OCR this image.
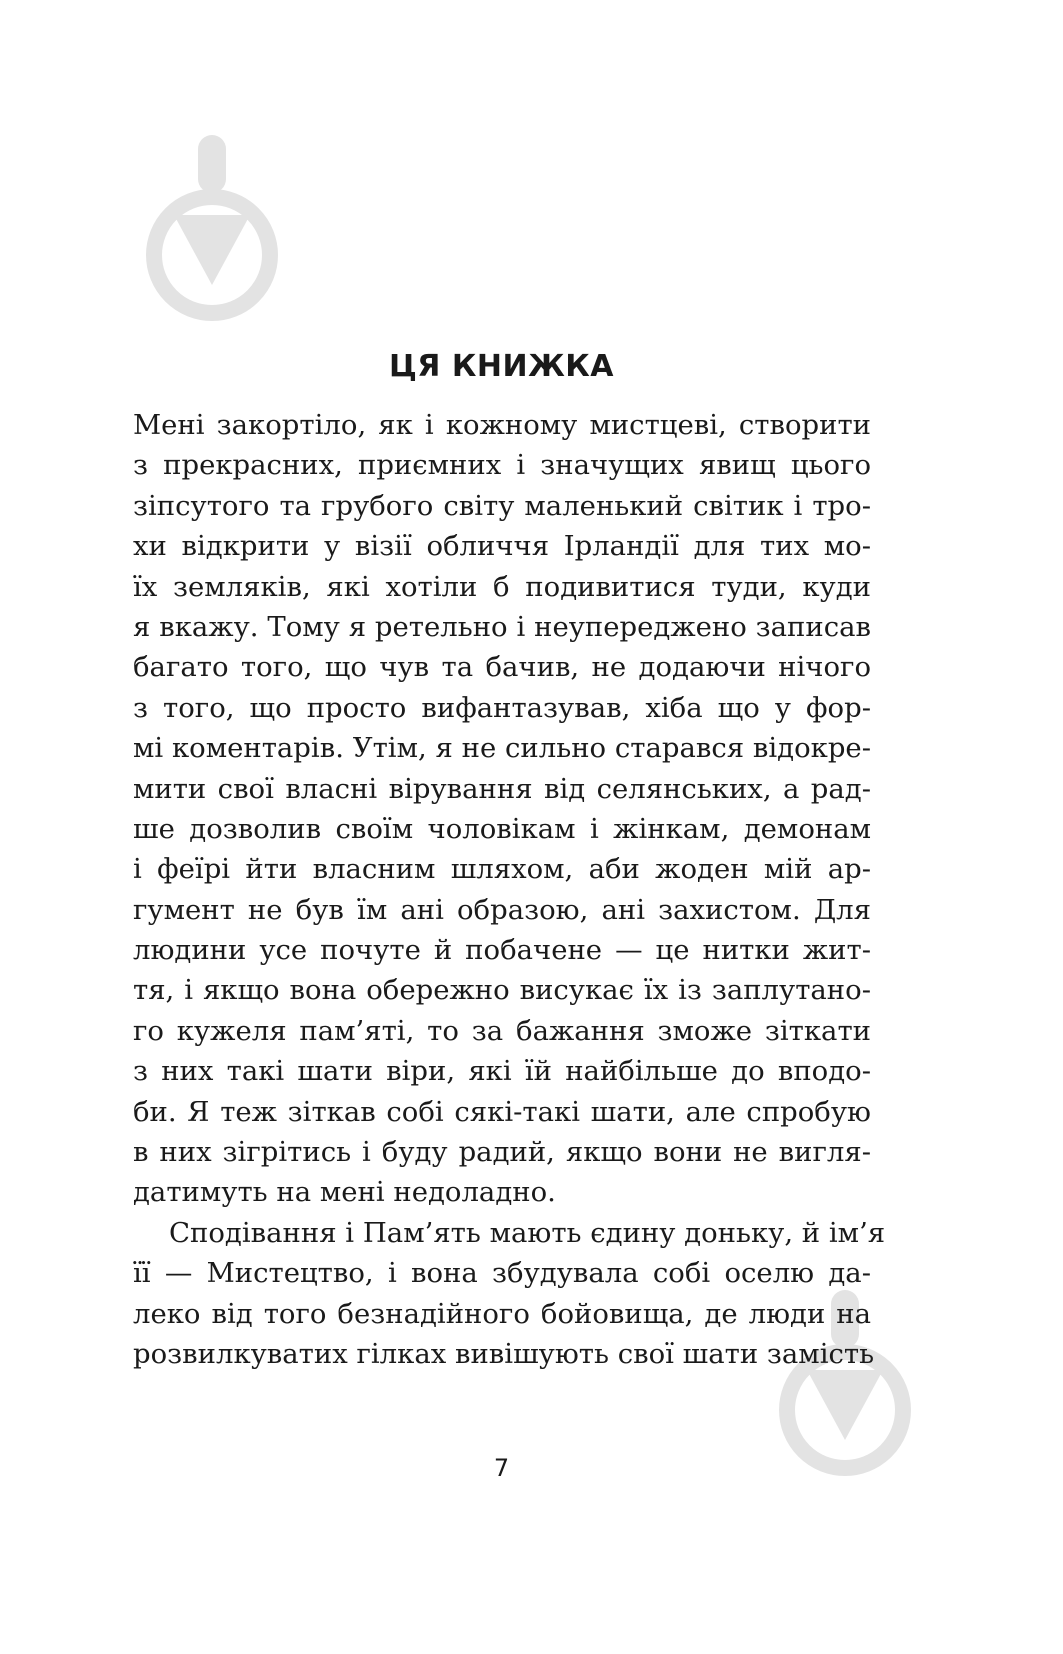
ЦЯ КНИЖКА
Мені закортіло, як і кожному мистцеві, створити
з прекрасних, приємних і значущих явищ цього
зіпсутого та грубого світу маленький світик і тро-
хи відкрити у візії обличчя Ірландії для тих мо-
їх земляків, які хотіли б подивитися туди, куди
я вкажу. Тому я ретельно і неупереджено записав
багато того, що чув та бачив, не додаючи нічого
з того, що просто вифантазував, хіба що у фор-
мі коментарів. Утім, я не сильно старався відокре-
мити свої власні вірування від селянських, а рад-
ше дозволив своїм чоловікам і жінкам, демонам
і феїрі йти власним шляхом, аби жоден мій ар-
гумент не був їм ані образою, ані захистом. Для
людини усе почуте й побачене — це нитки жит-
тя, і якщо вона обережно висукає їх із заплутано-
го кужеля пам’яті, то за бажання зможе зіткати
з них такі шати віри, які їй найбільше до вподо-
би. Я теж зіткав собі сякі-такі шати, але спробую
в них зігрітись і буду радий, якщо вони не вигля-
датимуть на мені недоладно.
Сподівання і Пам’ять мають єдину доньку, й ім’я
її — Мистецтво, і вона збудувала собі оселю да-
леко від того безнадійного бойовища, де люди на
розвилкуватих гілках вивішують свої шати замість
7
